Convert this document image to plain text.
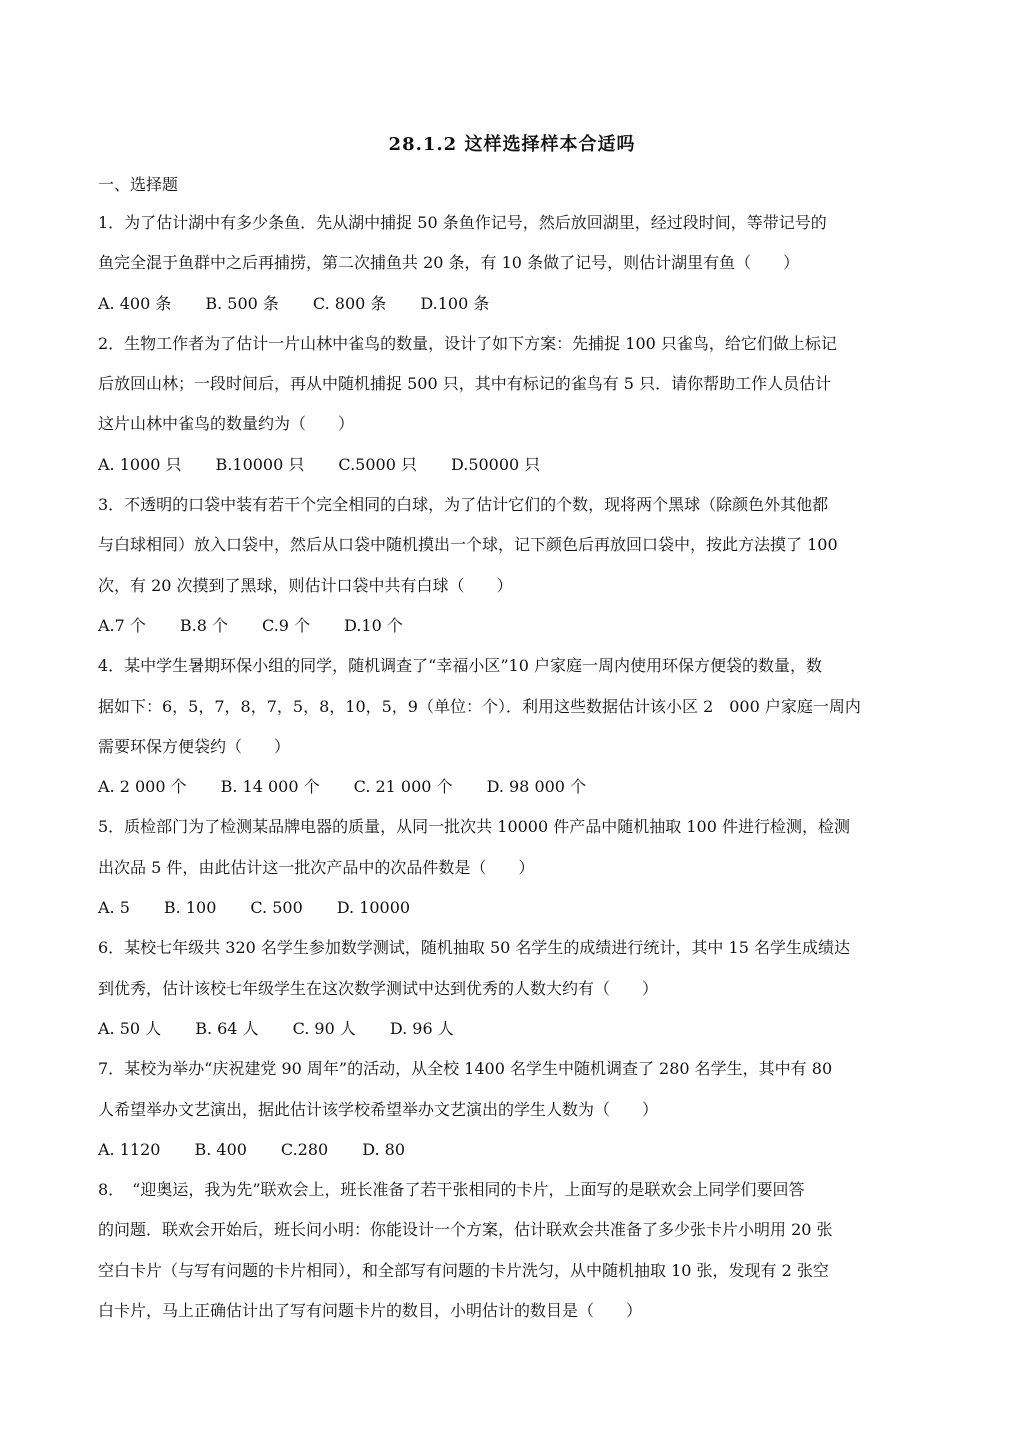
28.1.2 这样选择样本合适吗
一、选择题
1．为了估计湖中有多少条鱼．先从湖中捕捉 50 条鱼作记号，然后放回湖里，经过段时间，等带记号的
鱼完全混于鱼群中之后再捕捞，第二次捕鱼共 20 条，有 10 条做了记号，则估计湖里有鱼（　　）
A. 400 条 B. 500 条 C. 800 条 D.100 条
2．生物工作者为了估计一片山林中雀鸟的数量，设计了如下方案：先捕捉 100 只雀鸟，给它们做上标记
后放回山林；一段时间后，再从中随机捕捉 500 只，其中有标记的雀鸟有 5 只．请你帮助工作人员估计
这片山林中雀鸟的数量约为（　　）
A. 1000 只 B.10000 只 C.5000 只 D.50000 只
3．不透明的口袋中装有若干个完全相同的白球，为了估计它们的个数，现将两个黑球（除颜色外其他都
与白球相同）放入口袋中，然后从口袋中随机摸出一个球，记下颜色后再放回口袋中，按此方法摸了 100
次，有 20 次摸到了黑球，则估计口袋中共有白球（　　）
A.7 个 B.8 个 C.9 个 D.10 个
4．某中学生暑期环保小组的同学，随机调查了“幸福小区”10 户家庭一周内使用环保方便袋的数量，数
据如下：6，5，7，8，7，5，8，10，5，9（单位：个）．利用这些数据估计该小区 2　000 户家庭一周内
需要环保方便袋约（　　）
A. 2 000 个 B. 14 000 个 C. 21 000 个 D. 98 000 个
5．质检部门为了检测某品牌电器的质量，从同一批次共 10000 件产品中随机抽取 100 件进行检测，检测
出次品 5 件，由此估计这一批次产品中的次品件数是（　　）
A. 5 B. 100 C. 500 D. 10000
6．某校七年级共 320 名学生参加数学测试，随机抽取 50 名学生的成绩进行统计，其中 15 名学生成绩达
到优秀，估计该校七年级学生在这次数学测试中达到优秀的人数大约有（　　）
A. 50 人 B. 64 人 C. 90 人 D. 96 人
7．某校为举办“庆祝建党 90 周年”的活动，从全校 1400 名学生中随机调查了 280 名学生，其中有 80
人希望举办文艺演出，据此估计该学校希望举办文艺演出的学生人数为（　　）
A. 1120 B. 400 C.280 D. 80
8．　“迎奥运，我为先”联欢会上，班长准备了若干张相同的卡片，上面写的是联欢会上同学们要回答
的问题．联欢会开始后，班长问小明：你能设计一个方案，估计联欢会共准备了多少张卡片小明用 20 张
空白卡片（与写有问题的卡片相同），和全部写有问题的卡片洗匀，从中随机抽取 10 张，发现有 2 张空
白卡片，马上正确估计出了写有问题卡片的数目，小明估计的数目是（　　）
